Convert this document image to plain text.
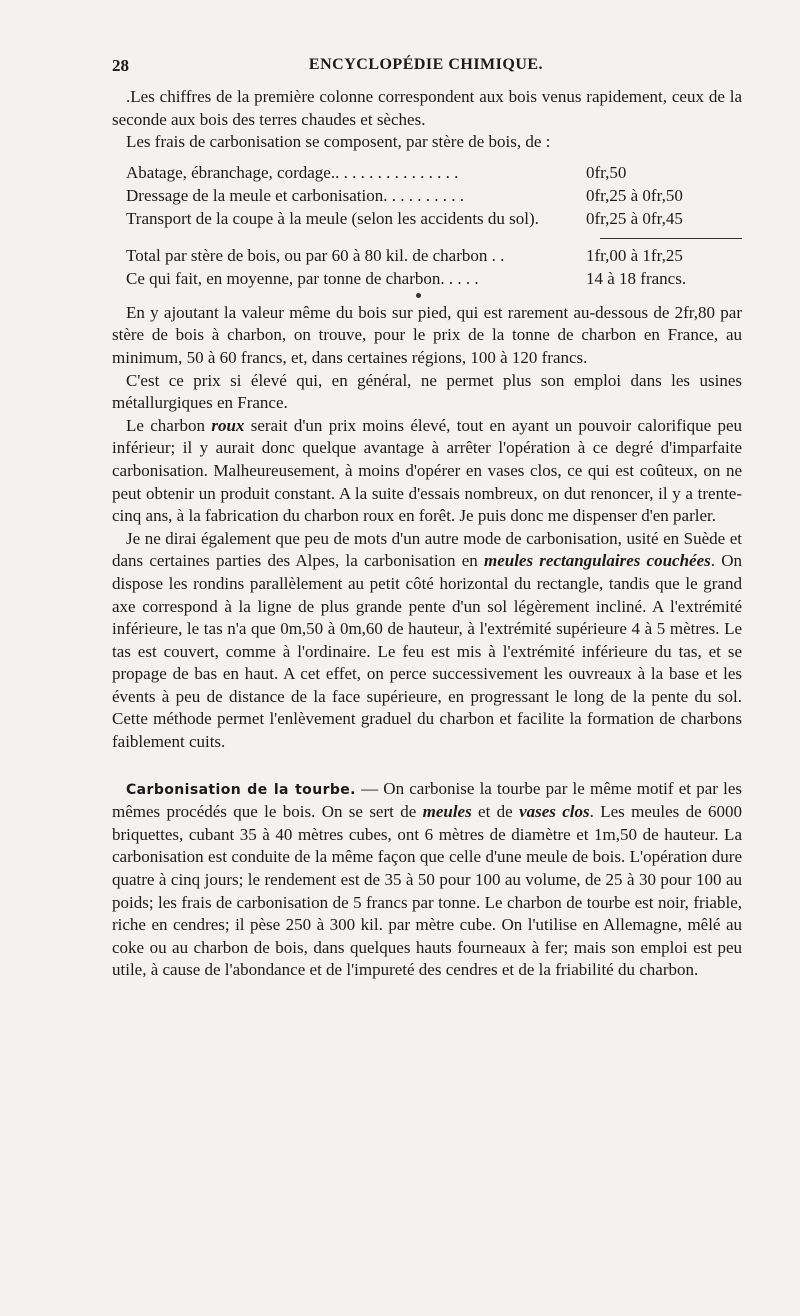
28	ENCYCLOPÉDIE CHIMIQUE.

.Les chiffres de la première colonne correspondent aux bois venus rapidement, ceux de la seconde aux bois des terres chaudes et sèches.

Les frais de carbonisation se composent, par stère de bois, de :

Abatage, ébranchage, cordage.. . . . . . . . . . . . . . .	0fr,50
Dressage de la meule et carbonisation. . . . . . . . . .	0fr,25 à 0fr,50
Transport de la coupe à la meule (selon les accidents du sol).	0fr,25 à 0fr,45
Total par stère de bois, ou par 60 à 80 kil. de charbon . .	1fr,00 à 1fr,25
Ce qui fait, en moyenne, par tonne de charbon. . . . .	14 à 18 francs.

En y ajoutant la valeur même du bois sur pied, qui est rarement au-dessous de 2fr,80 par stère de bois à charbon, on trouve, pour le prix de la tonne de charbon en France, au minimum, 50 à 60 francs, et, dans certaines régions, 100 à 120 francs.

C'est ce prix si élevé qui, en général, ne permet plus son emploi dans les usines métallurgiques en France.

Le charbon roux serait d'un prix moins élevé, tout en ayant un pouvoir calorifique peu inférieur; il y aurait donc quelque avantage à arrêter l'opération à ce degré d'imparfaite carbonisation. Malheureusement, à moins d'opérer en vases clos, ce qui est coûteux, on ne peut obtenir un produit constant. A la suite d'essais nombreux, on dut renoncer, il y a trente-cinq ans, à la fabrication du charbon roux en forêt. Je puis donc me dispenser d'en parler.

Je ne dirai également que peu de mots d'un autre mode de carbonisation, usité en Suède et dans certaines parties des Alpes, la carbonisation en meules rectangulaires couchées. On dispose les rondins parallèlement au petit côté horizontal du rectangle, tandis que le grand axe correspond à la ligne de plus grande pente d'un sol légèrement incliné. A l'extrémité inférieure, le tas n'a que 0m,50 à 0m,60 de hauteur, à l'extrémité supérieure 4 à 5 mètres. Le tas est couvert, comme à l'ordinaire. Le feu est mis à l'extrémité inférieure du tas, et se propage de bas en haut. A cet effet, on perce successivement les ouvreaux à la base et les évents à peu de distance de la face supérieure, en progressant le long de la pente du sol. Cette méthode permet l'enlèvement graduel du charbon et facilite la formation de charbons faiblement cuits.

Carbonisation de la tourbe. — On carbonise la tourbe par le même motif et par les mêmes procédés que le bois. On se sert de meules et de vases clos. Les meules de 6000 briquettes, cubant 35 à 40 mètres cubes, ont 6 mètres de diamètre et 1m,50 de hauteur. La carbonisation est conduite de la même façon que celle d'une meule de bois. L'opération dure quatre à cinq jours; le rendement est de 35 à 50 pour 100 au volume, de 25 à 30 pour 100 au poids; les frais de carbonisation de 5 francs par tonne. Le charbon de tourbe est noir, friable, riche en cendres; il pèse 250 à 300 kil. par mètre cube. On l'utilise en Allemagne, mêlé au coke ou au charbon de bois, dans quelques hauts fourneaux à fer; mais son emploi est peu utile, à cause de l'abondance et de l'impureté des cendres et de la friabilité du charbon.
